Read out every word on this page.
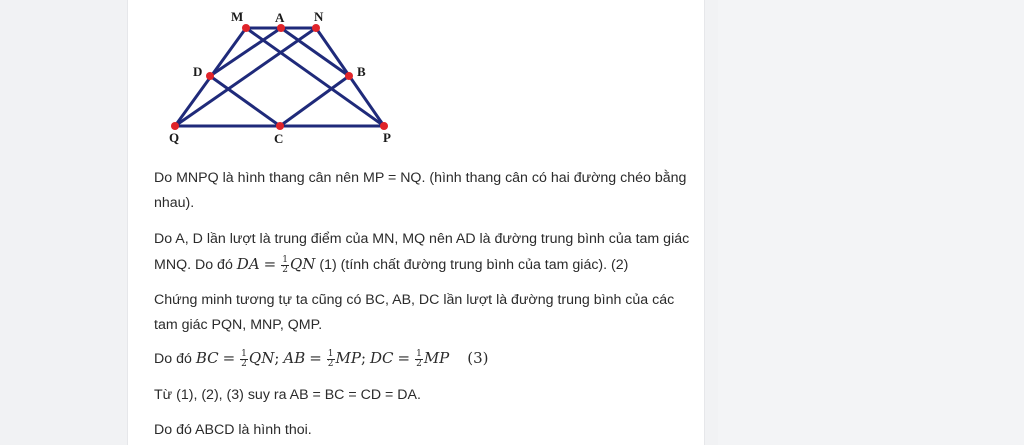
M A N
D	B
Q	C	P
Do MNPQ là hình thang cân nên MP = NQ. (hình thang cân có hai đường chéo bằng
nhau).
Do A, D lần lượt là trung điểm của MN, MQ nên AD là đường trung bình của tam giác
MNQ. Do đó DA = $\frac{1}{2}$ QN (1) (tính chất đường trung bình của tam giác). (2)
Chứng minh tương tự ta cũng có BC, AB, DC lần lượt là đường trung bình của các
tam giác PQN, MNP, QMP.
Do đó BC = $\frac{1}{2}$ QN; AB = $\frac{1}{2}$ MP; DC = $\frac{1}{2}$ MP (3)
Từ (1), (2), (3) suy ra AB = BC = CD = DA.
Do đó ABCD là hình thoi.
